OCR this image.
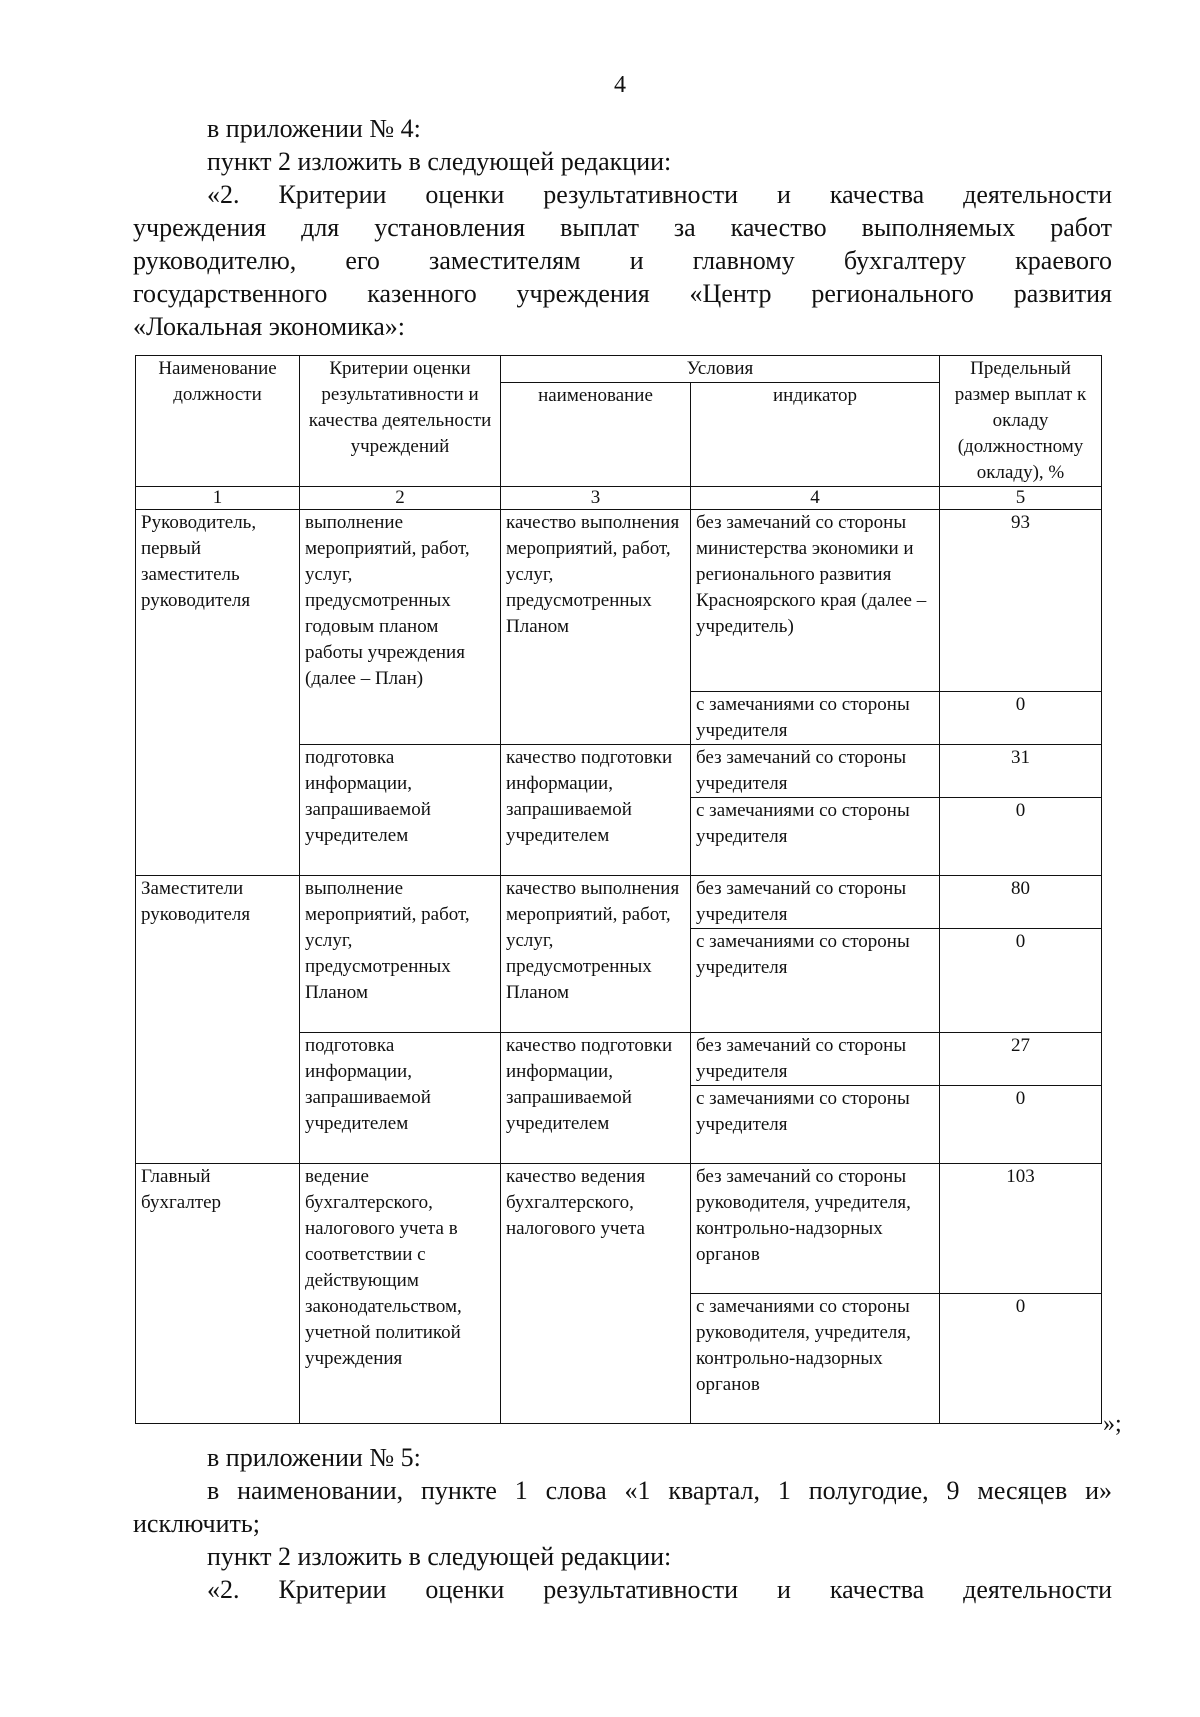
4
в приложении № 4:
пункт 2 изложить в следующей редакции:
«2. Критерии оценки результативности и качества деятельности
учреждения для установления выплат за качество выполняемых работ
руководителю, его заместителям и главному бухгалтеру краевого
государственного казенного учреждения «Центр регионального развития
«Локальная экономика»:
Наименование должности	Критерии оценки результативности и качества деятельности учреждений	Условия		Предельный размер выплат к окладу (должностному окладу), %
		наименование	индикатор	
1	2	3	4	5
Руководитель, первый заместитель руководителя	выполнение мероприятий, работ, услуг, предусмотренных годовым планом работы учреждения (далее – План)	качество выполнения мероприятий, работ, услуг, предусмотренных Планом	без замечаний со стороны министерства экономики и регионального развития Красноярского края (далее – учредитель)	93
			с замечаниями со стороны учредителя	0
	подготовка информации, запрашиваемой учредителем	качество подготовки информации, запрашиваемой учредителем	без замечаний со стороны учредителя	31
			с замечаниями со стороны учредителя	0
Заместители руководителя	выполнение мероприятий, работ, услуг, предусмотренных Планом	качество выполнения мероприятий, работ, услуг, предусмотренных Планом	без замечаний со стороны учредителя	80
			с замечаниями со стороны учредителя	0
	подготовка информации, запрашиваемой учредителем	качество подготовки информации, запрашиваемой учредителем	без замечаний со стороны учредителя	27
			с замечаниями со стороны учредителя	0
Главный бухгалтер	ведение бухгалтерского, налогового учета в соответствии с действующим законодательством, учетной политикой учреждения	качество ведения бухгалтерского, налогового учета	без замечаний со стороны руководителя, учредителя, контрольно-надзорных органов	103
			с замечаниями со стороны руководителя, учредителя, контрольно-надзорных органов	0
»;
в приложении № 5:
в наименовании, пункте 1 слова «1 квартал, 1 полугодие, 9 месяцев и»
исключить;
пункт 2 изложить в следующей редакции:
«2. Критерии оценки результативности и качества деятельности
